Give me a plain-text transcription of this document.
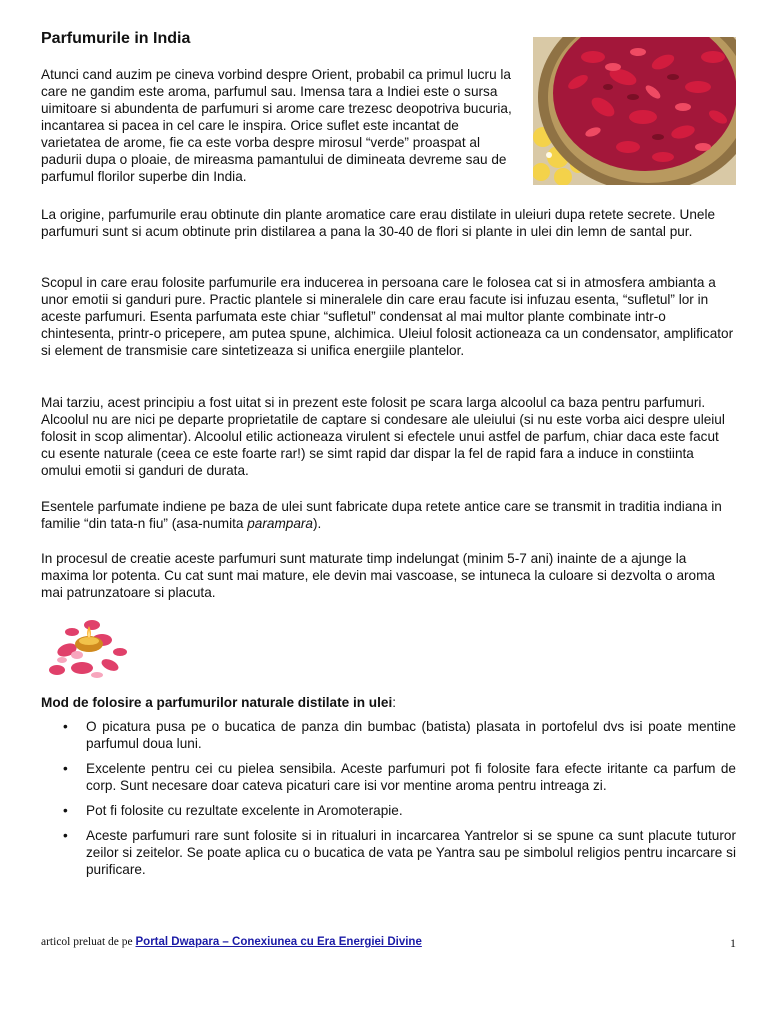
Parfumurile in India

Atunci cand auzim pe cineva vorbind despre Orient, probabil ca primul lucru la care ne gandim este aroma, parfumul sau. Imensa tara a Indiei este o sursa uimitoare si abundenta de parfumuri si arome care trezesc deopotriva bucuria, incantarea si pacea in cel care le inspira. Orice suflet este incantat de varietatea de arome, fie ca este vorba despre mirosul “verde” proaspat al padurii dupa o ploaie, de mireasma pamantului de dimineata devreme sau de parfumul florilor superbe din India.

La origine, parfumurile erau obtinute din plante aromatice care erau distilate in uleiuri dupa retete secrete. Unele parfumuri sunt si acum obtinute prin distilarea a pana la 30-40 de flori si plante in ulei din lemn de santal pur.

Scopul in care erau folosite parfumurile era inducerea in persoana care le folosea cat si in atmosfera ambianta a unor emotii si ganduri pure. Practic plantele si mineralele din care erau facute isi infuzau esenta, “sufletul” lor in aceste parfumuri. Esenta parfumata este chiar “sufletul” condensat al mai multor plante combinate intr-o chintesenta, printr-o pricepere, am putea spune, alchimica. Uleiul folosit actioneaza ca un condensator, amplificator si element de transmisie care sintetizeaza si unifica energiile plantelor.

Mai tarziu, acest principiu a fost uitat si in prezent este folosit pe scara larga alcoolul ca baza pentru parfumuri. Alcoolul nu are nici pe departe proprietatile de captare si condesare ale uleiului (si nu este vorba aici despre uleiul folosit in scop alimentar). Alcoolul etilic actioneaza virulent si efectele unui astfel de parfum, chiar daca este facut cu esente naturale (ceea ce este foarte rar!) se simt rapid dar dispar la fel de rapid fara a induce in constiinta omului emotii si ganduri de durata.

Esentele parfumate indiene pe baza de ulei sunt fabricate dupa retete antice care se transmit in traditia indiana in familie “din tata-n fiu” (asa-numita parampara).

In procesul de creatie aceste parfumuri sunt maturate timp indelungat (minim 5-7 ani) inainte de a ajunge la maxima lor potenta. Cu cat sunt mai mature, ele devin mai vascoase, se intuneca la culoare si dezvolta o aroma mai patrunzatoare si placuta.

Mod de folosire a parfumurilor naturale distilate in ulei:
• O picatura pusa pe o bucatica de panza din bumbac (batista) plasata in portofelul dvs isi poate mentine parfumul doua luni.
• Excelente pentru cei cu pielea sensibila. Aceste parfumuri pot fi folosite fara efecte iritante ca parfum de corp. Sunt necesare doar cateva picaturi care isi vor mentine aroma pentru intreaga zi.
• Pot fi folosite cu rezultate excelente in Aromoterapie.
• Aceste parfumuri rare sunt folosite si in ritualuri in incarcarea Yantrelor si se spune ca sunt placute tuturor zeilor si zeitelor. Se poate aplica cu o bucatica de vata pe Yantra sau pe simbolul religios pentru incarcare si purificare.
articol preluat de pe Portal Dwapara – Conexiunea cu Era Energiei Divine	1
